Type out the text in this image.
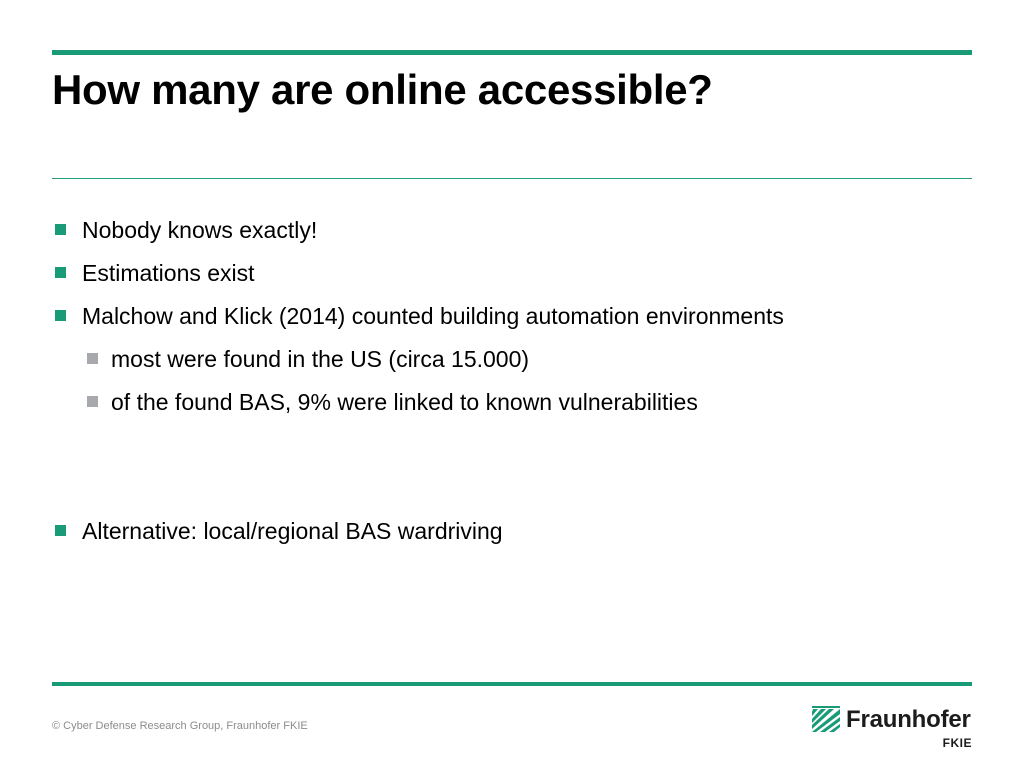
How many are online accessible?
Nobody knows exactly!
Estimations exist
Malchow and Klick (2014) counted building automation environments
most were found in the US (circa 15.000)
of the found BAS, 9% were linked to known vulnerabilities
Alternative: local/regional BAS wardriving
© Cyber Defense Research Group, Fraunhofer FKIE	Fraunhofer
FKIE
